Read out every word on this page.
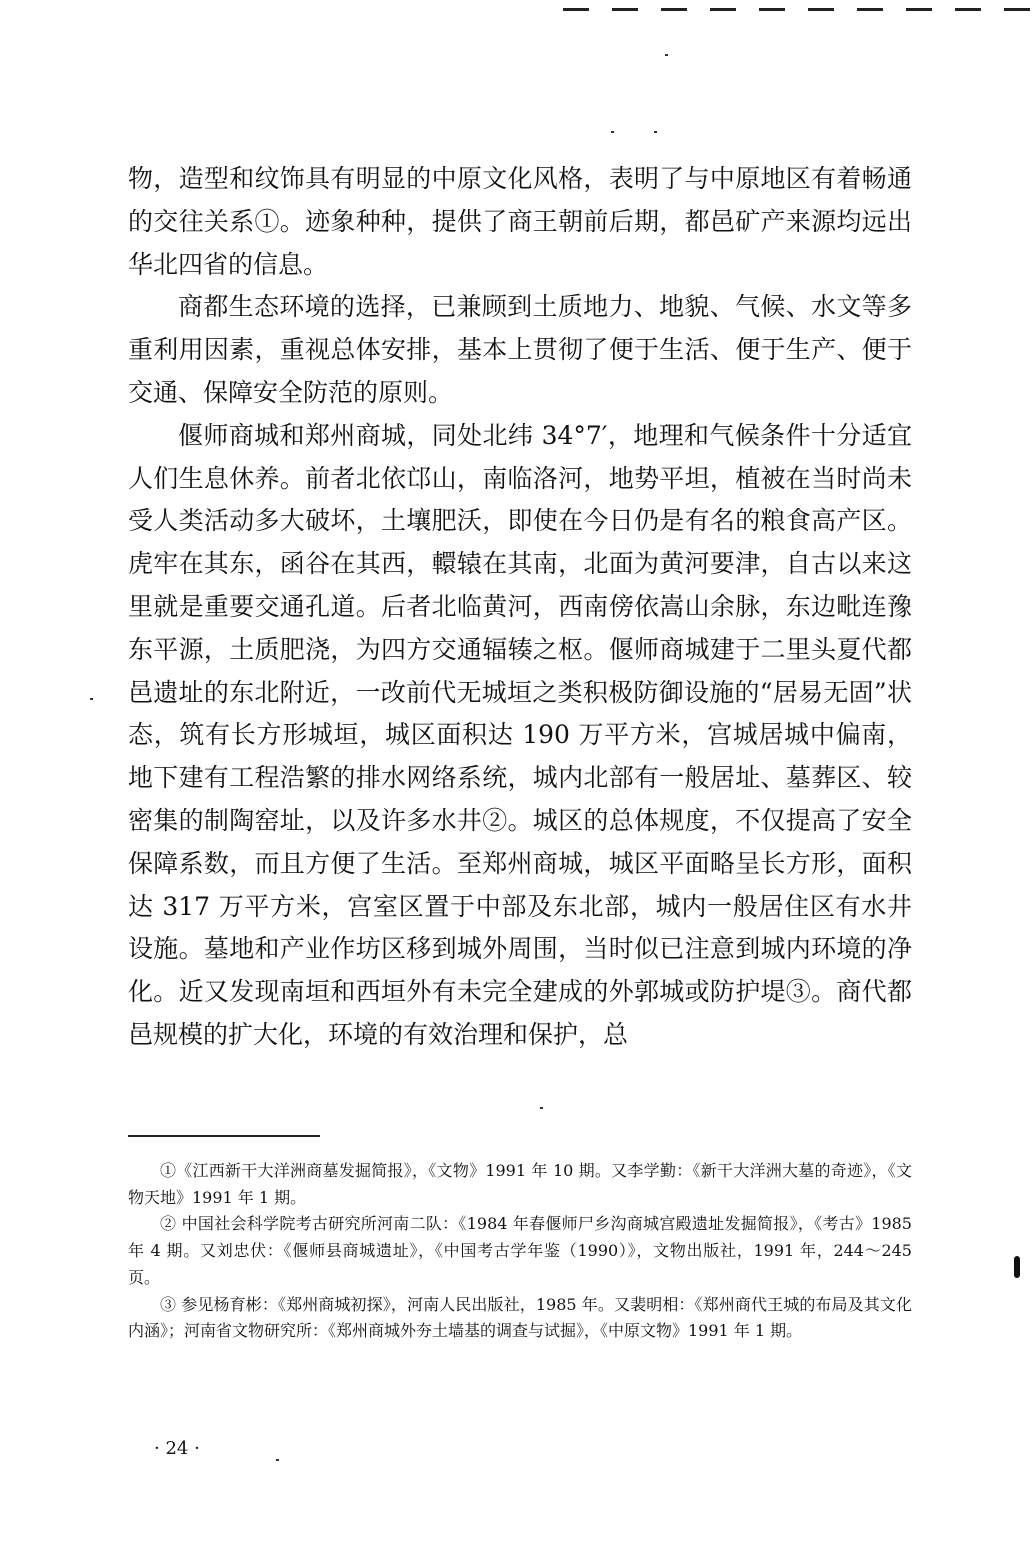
物，造型和纹饰具有明显的中原文化风格，表明了与中原地区有着畅通的交往关系①。迹象种种，提供了商王朝前后期，都邑矿产来源均远出华北四省的信息。

商都生态环境的选择，已兼顾到土质地力、地貌、气候、水文等多重利用因素，重视总体安排，基本上贯彻了便于生活、便于生产、便于交通、保障安全防范的原则。

偃师商城和郑州商城，同处北纬 34°7′，地理和气候条件十分适宜人们生息休养。前者北依邙山，南临洛河，地势平坦，植被在当时尚未受人类活动多大破坏，土壤肥沃，即使在今日仍是有名的粮食高产区。虎牢在其东，函谷在其西，轘辕在其南，北面为黄河要津，自古以来这里就是重要交通孔道。后者北临黄河，西南傍依嵩山余脉，东边毗连豫东平源，土质肥浇，为四方交通辐辏之枢。偃师商城建于二里头夏代都邑遗址的东北附近，一改前代无城垣之类积极防御设施的“居易无固”状态，筑有长方形城垣，城区面积达 190 万平方米，宫城居城中偏南，地下建有工程浩繁的排水网络系统，城内北部有一般居址、墓葬区、较密集的制陶窑址，以及许多水井②。城区的总体规度，不仅提高了安全保障系数，而且方便了生活。至郑州商城，城区平面略呈长方形，面积达 317 万平方米，宫室区置于中部及东北部，城内一般居住区有水井设施。墓地和产业作坊区移到城外周围，当时似已注意到城内环境的净化。近又发现南垣和西垣外有未完全建成的外郭城或防护堤③。商代都邑规模的扩大化，环境的有效治理和保护，总

①《江西新干大洋洲商墓发掘简报》，《文物》1991 年 10 期。又李学勤：《新干大洋洲大墓的奇迹》，《文物天地》1991 年 1 期。

② 中国社会科学院考古研究所河南二队：《1984 年春偃师尸乡沟商城宫殿遗址发掘简报》，《考古》1985 年 4 期。又刘忠伏：《偃师县商城遗址》，《中国考古学年鉴（1990）》，文物出版社，1991 年，244～245 页。

③ 参见杨育彬：《郑州商城初探》，河南人民出版社，1985 年。又裴明相：《郑州商代王城的布局及其文化内涵》；河南省文物研究所：《郑州商城外夯土墙基的调查与试掘》，《中原文物》1991 年 1 期。

· 24 ·
